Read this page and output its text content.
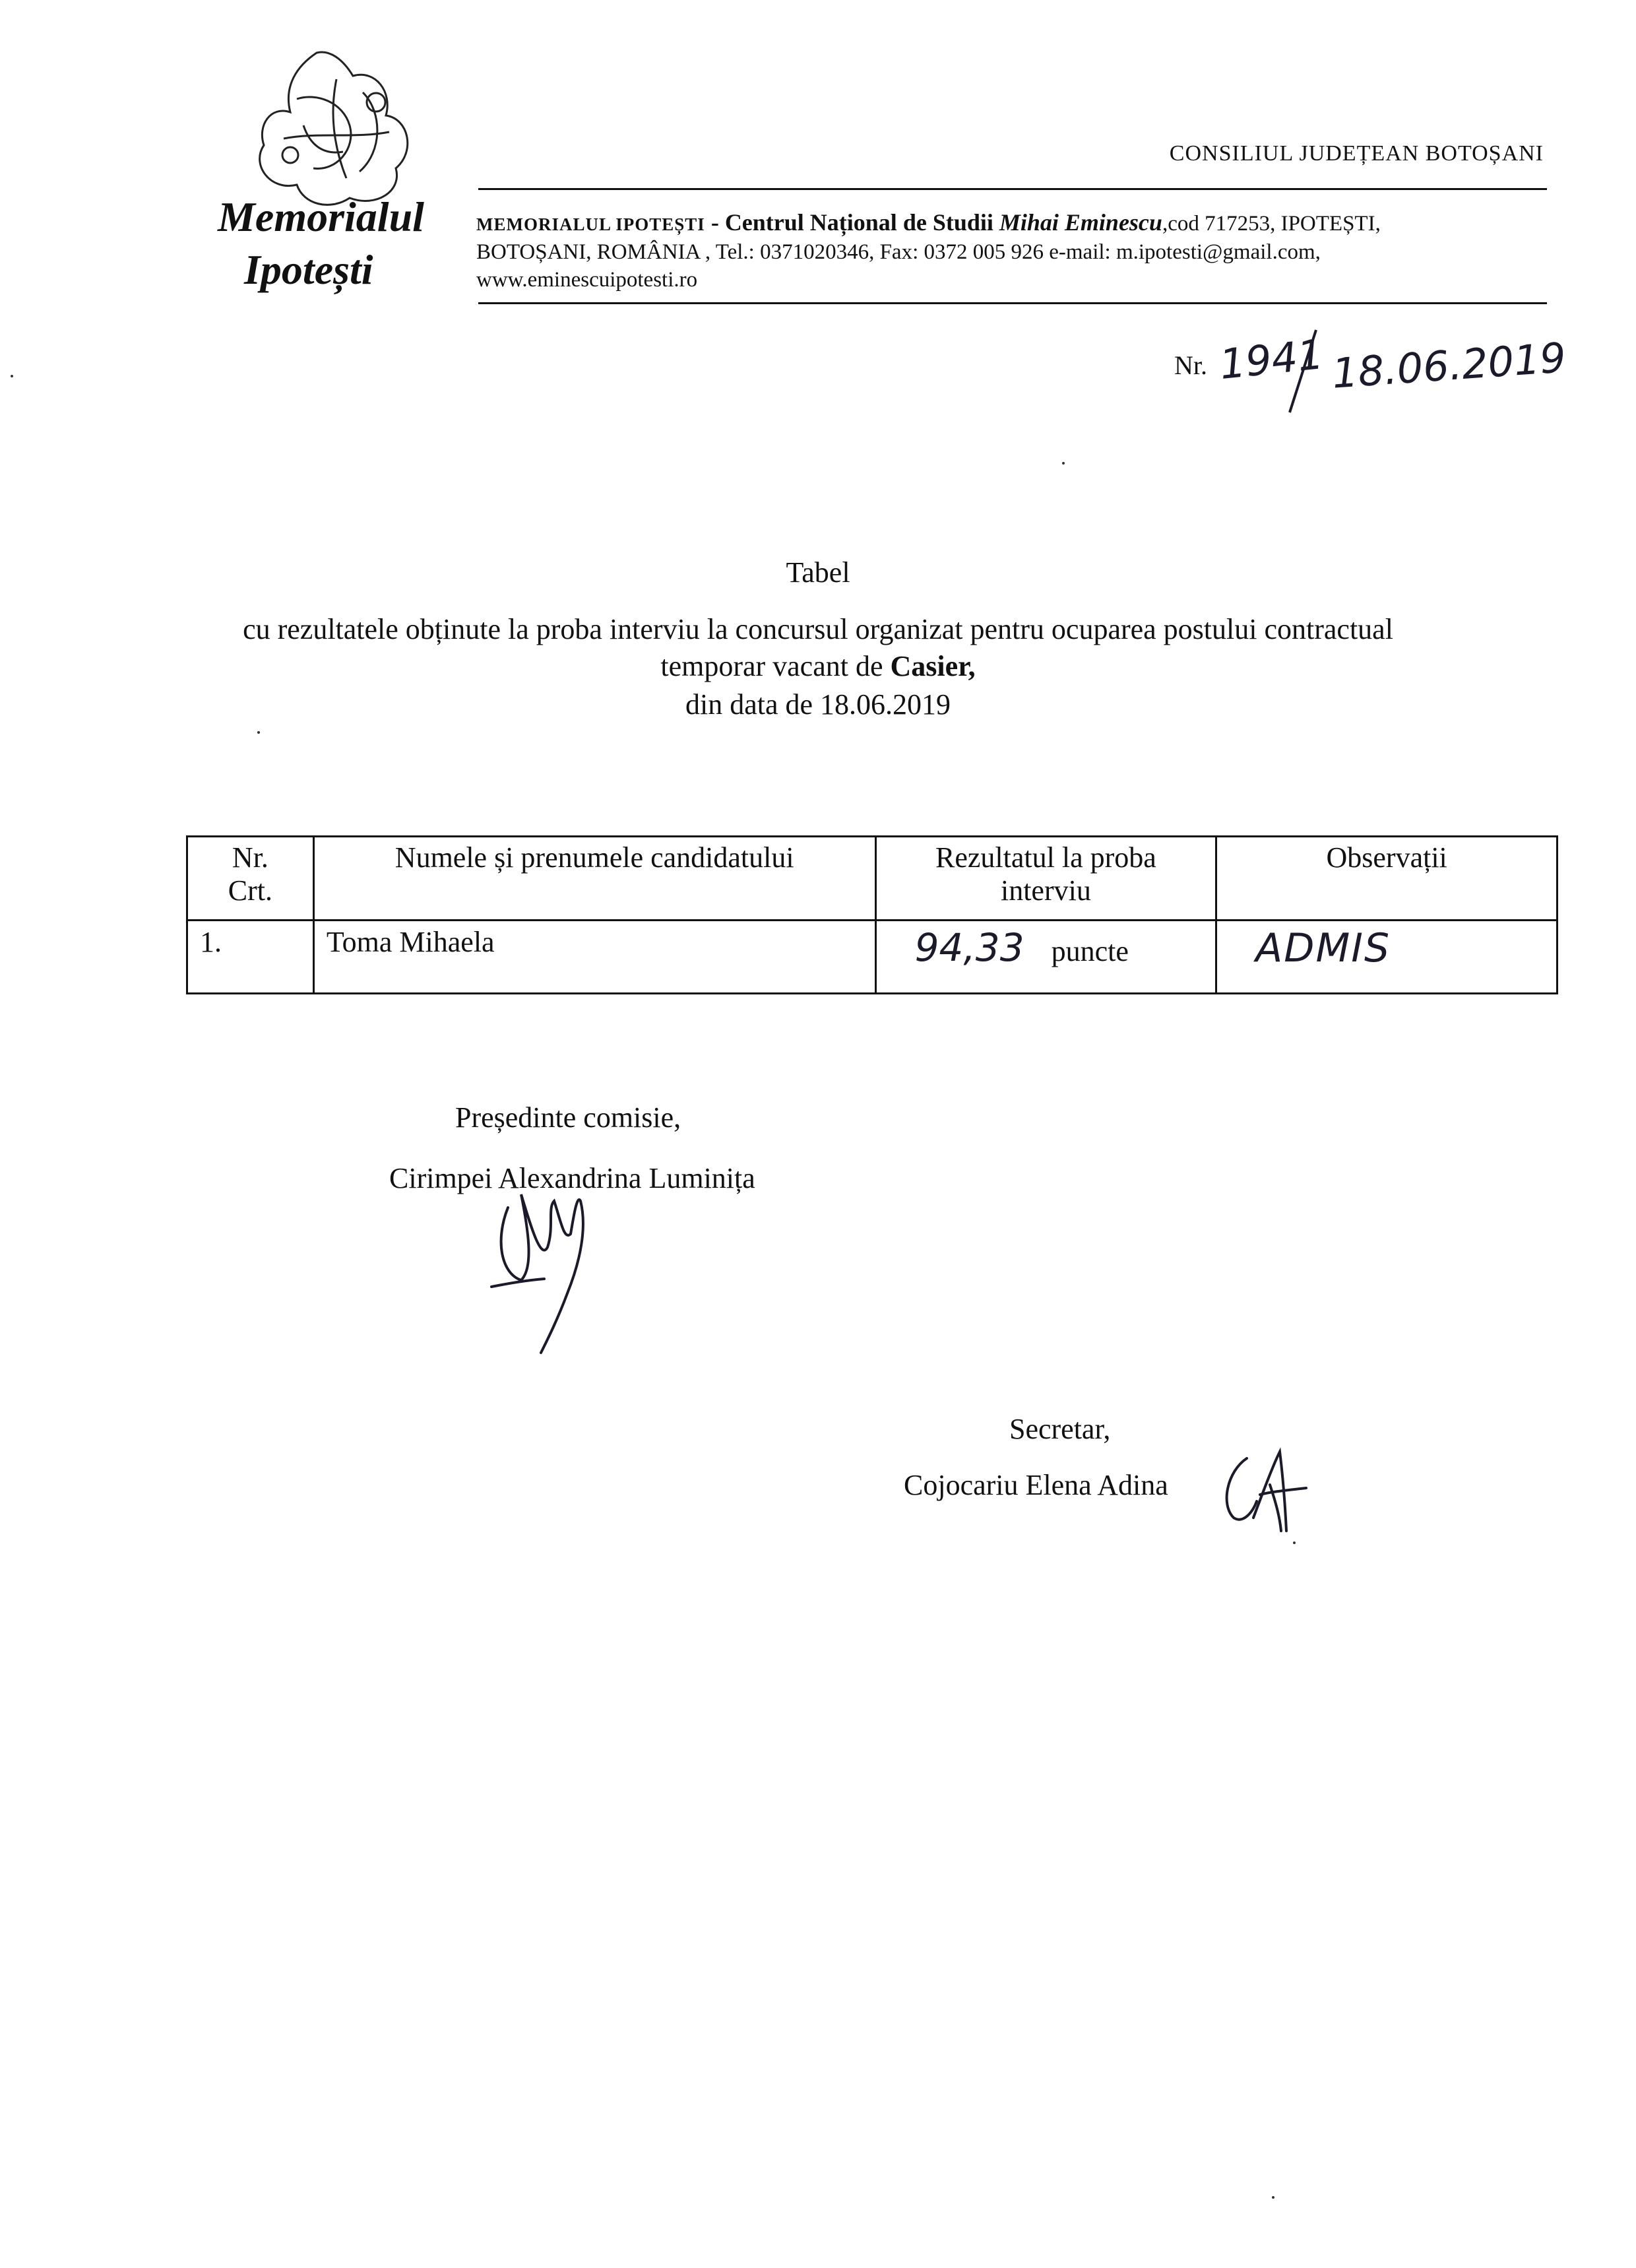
Memorialul
Ipotești
CONSILIUL JUDEȚEAN BOTOȘANI
MEMORIALUL IPOTEȘTI - Centrul Național de Studii Mihai Eminescu,cod 717253, IPOTEȘTI,
BOTOȘANI, ROMÂNIA , Tel.: 0371020346, Fax: 0372 005 926 e-mail: m.ipotesti@gmail.com,
www.eminescuipotesti.ro
Nr. 1941 18.06.2019
Tabel
cu rezultatele obținute la proba interviu la concursul organizat pentru ocuparea postului contractual
temporar vacant de Casier,
din data de 18.06.2019
Nr. Crt.	Numele și prenumele candidatului	Rezultatul la proba interviu	Observații
1.	Toma Mihaela	94,33 puncte	ADMIS
Președinte comisie,
Cirimpei Alexandrina Luminița
Secretar,
Cojocariu Elena Adina
